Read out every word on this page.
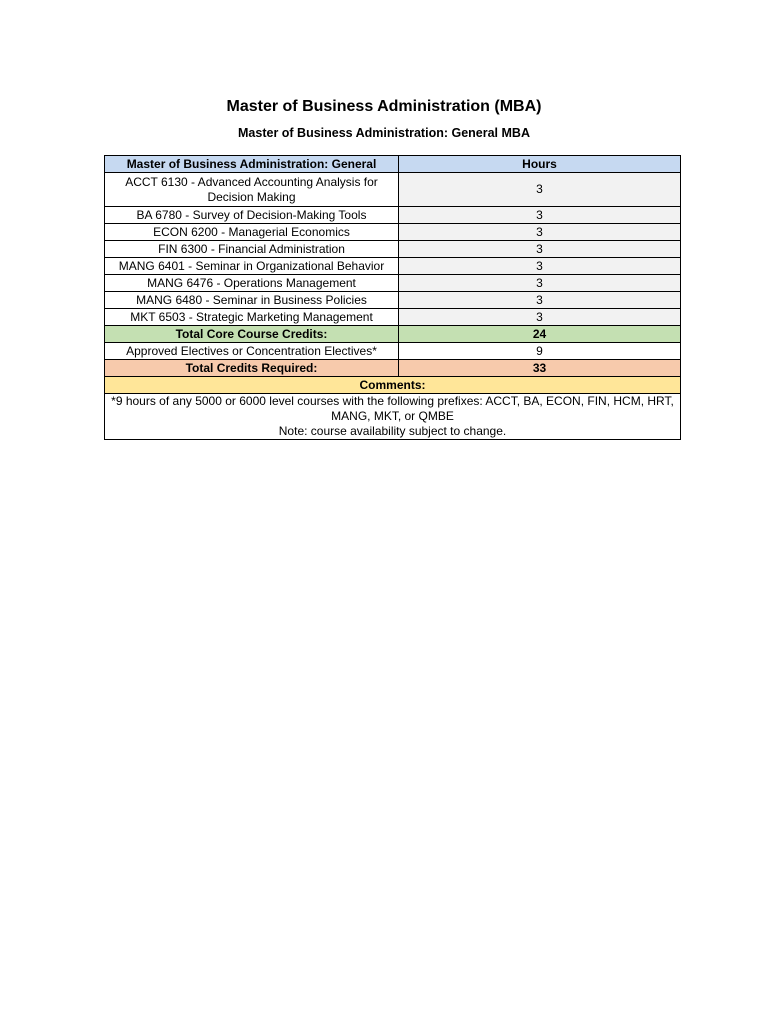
Master of Business Administration (MBA)
Master of Business Administration: General MBA
Master of Business Administration: General	Hours
ACCT 6130 - Advanced Accounting Analysis for Decision Making	3
BA 6780 - Survey of Decision-Making Tools	3
ECON 6200 - Managerial Economics	3
FIN 6300 - Financial Administration	3
MANG 6401 - Seminar in Organizational Behavior	3
MANG 6476 - Operations Management	3
MANG 6480 - Seminar in Business Policies	3
MKT 6503 - Strategic Marketing Management	3
Total Core Course Credits:	24
Approved Electives or Concentration Electives*	9
Total Credits Required:	33
Comments:	

*9 hours of any 5000 or 6000 level courses with the following prefixes: ACCT, BA, ECON, FIN, HCM, HRT, MANG, MKT, or QMBE
Note: course availability subject to change.	
